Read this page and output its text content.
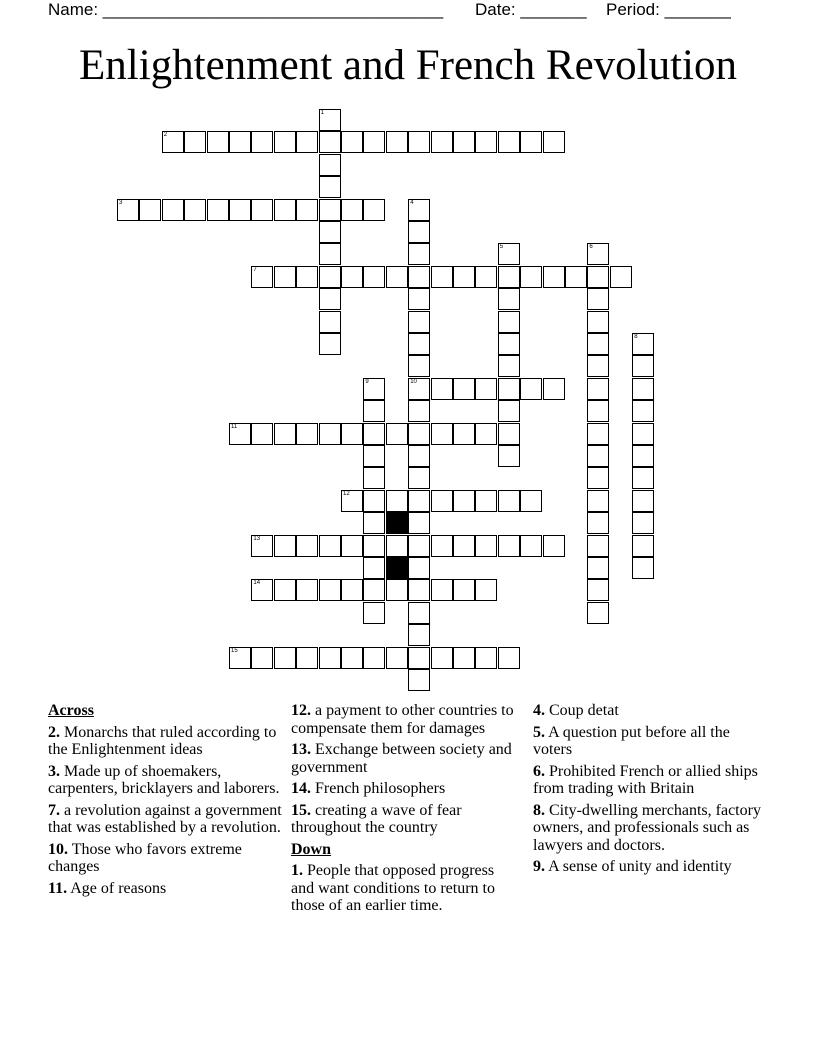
Name: ____________________________________ Date: _______ Period: _______
Enlightenment and French Revolution
1
2
3	4
10
5	6
7
8
9
11
12
13
14
15
Across
2. Monarchs that ruled according to the Enlightenment ideas
3. Made up of shoemakers, carpenters, bricklayers and laborers.
7. a revolution against a government that was established by a revolution.
10. Those who favors extreme changes
11. Age of reasons
12. a payment to other countries to compensate them for damages
13. Exchange between society and government
14. French philosophers
15. creating a wave of fear throughout the country
Down
1. People that opposed progress and want conditions to return to those of an earlier time.
4. Coup detat
5. A question put before all the voters
6. Prohibited French or allied ships from trading with Britain
8. City-dwelling merchants, factory owners, and professionals such as lawyers and doctors.
9. A sense of unity and identity
